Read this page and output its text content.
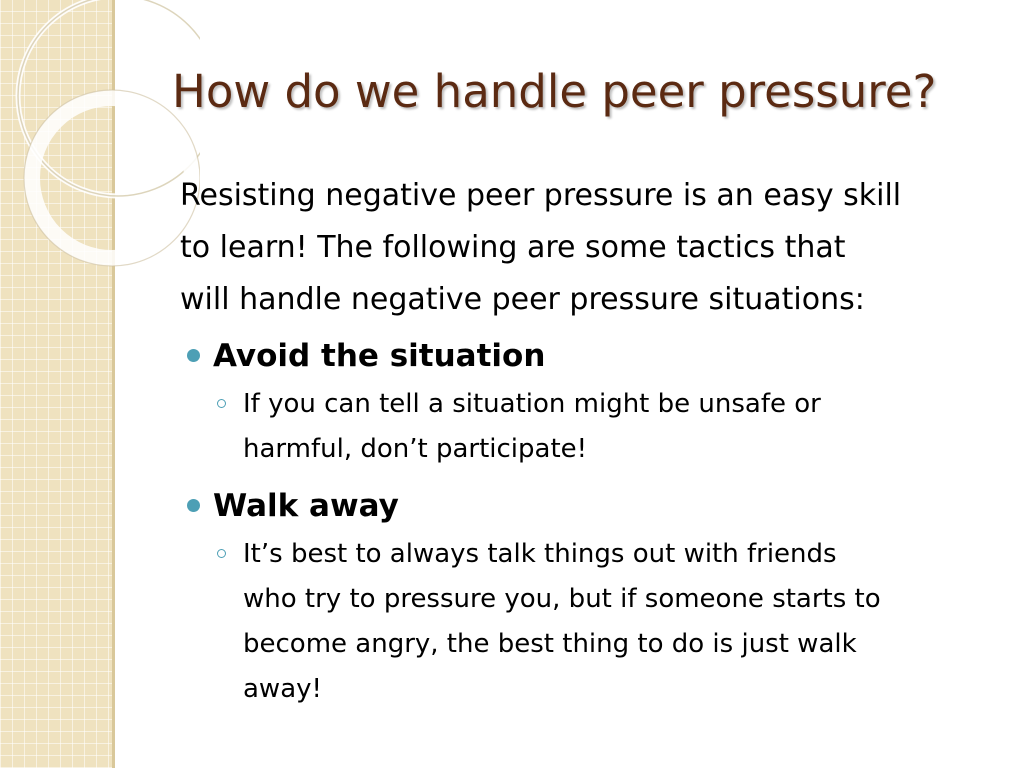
How do we handle peer pressure?

Resisting negative peer pressure is an easy skill
to learn! The following are some tactics that
will handle negative peer pressure situations:

Avoid the situation
If you can tell a situation might be unsafe or
harmful, don’t participate!
Walk away
It’s best to always talk things out with friends
who try to pressure you, but if someone starts to
become angry, the best thing to do is just walk
away!
